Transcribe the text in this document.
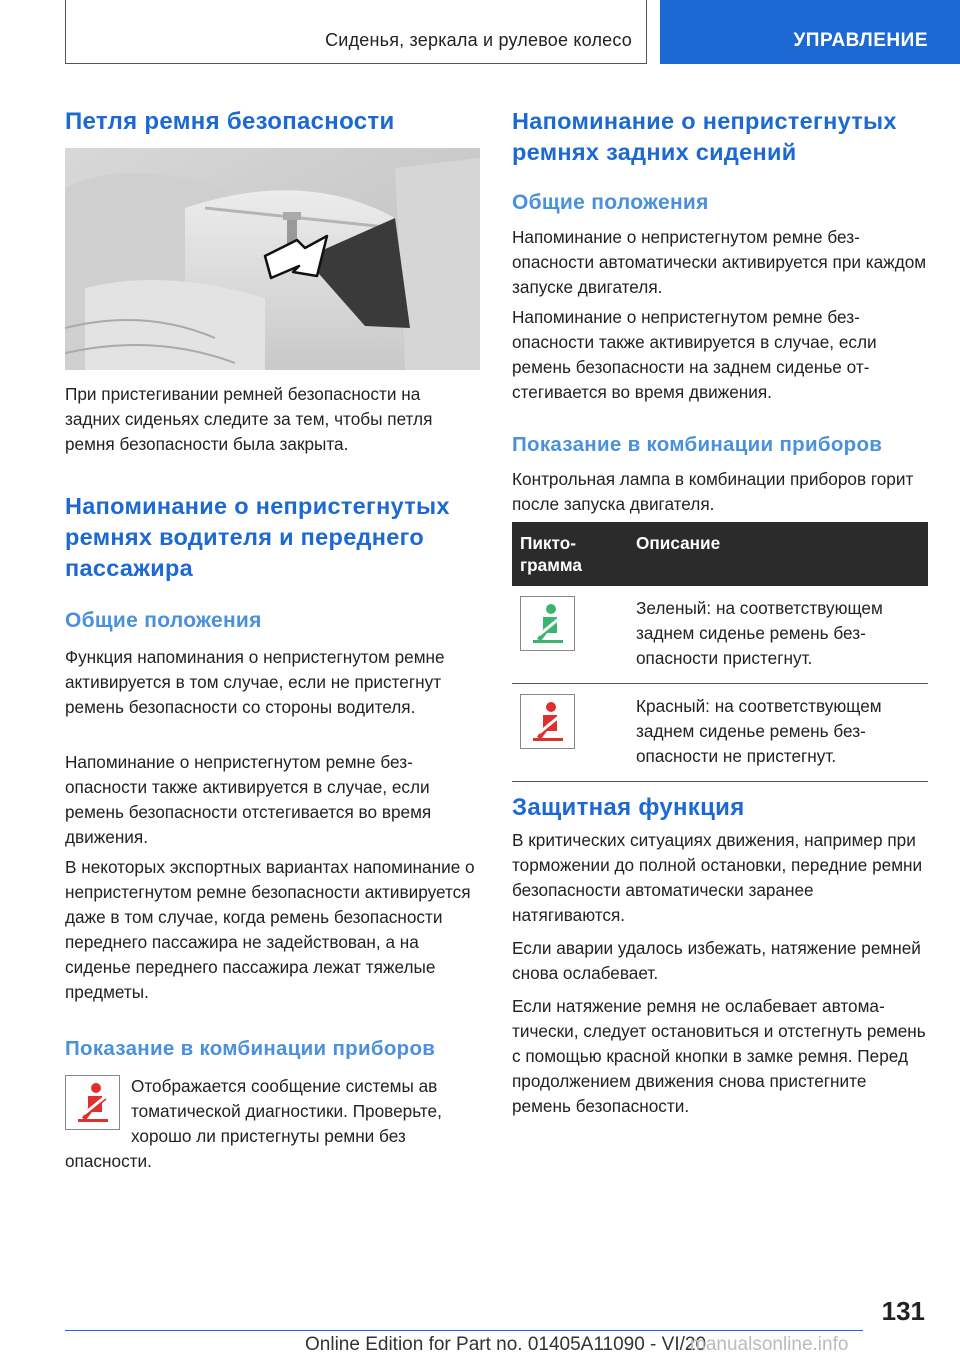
Сиденья, зеркала и рулевое колесо	УПРАВЛЕНИЕ
Петля ремня безопасности

При пристегивании ремней безопасности на задних сиденьях следите за тем, чтобы петля ремня безопасности была закрыта.

Напоминание о непристегнутых ремнях водителя и переднего пассажира
Общие положения

Функция напоминания о непристегнутом ремне активируется в том случае, если не пристегнут ремень безопасности со стороны водителя.

Напоминание о непристегнутом ремне безопасности также активируется в случае, если ремень безопасности отстегивается во время движения.

В некоторых экспортных вариантах напоминание о непристегнутом ремне безопасности активируется даже в том случае, когда ремень безопасности переднего пассажира не задействован, а на сиденье переднего пассажира лежат тяжелые предметы.

Показание в комбинации приборов

Отображается сообщение системы ав

томатической диагностики. Проверьте,

хорошо ли пристегнуты ремни без

опасности.

Напоминание о непристегнутых ремнях задних сидений
Общие положения

Напоминание о непристегнутом ремне безопасности автоматически активируется при каждом запуске двигателя.

Напоминание о непристегнутом ремне безопасности также активируется в случае, если ремень безопасности на заднем сиденье отстегивается во время движения.

Показание в комбинации приборов

Контрольная лампа в комбинации приборов горит после запуска двигателя.

Пиктограмма	Описание

	Зеленый: на соответствующем заднем сиденье ремень безопасности пристегнут.

	Красный: на соответствующем заднем сиденье ремень безопасности не пристегнут.
Защитная функция

В критических ситуациях движения, например при торможении до полной остановки, передние ремни безопасности автоматически заранее натягиваются.

Если аварии удалось избежать, натяжение ремней снова ослабевает.

Если натяжение ремня не ослабевает автоматически, следует остановиться и отстегнуть ремень с помощью красной кнопки в замке ремня. Перед продолжением движения снова пристегните ремень безопасности.

131
Online Edition for Part no. 01405A11090 - VI/20
manualsonline.info
